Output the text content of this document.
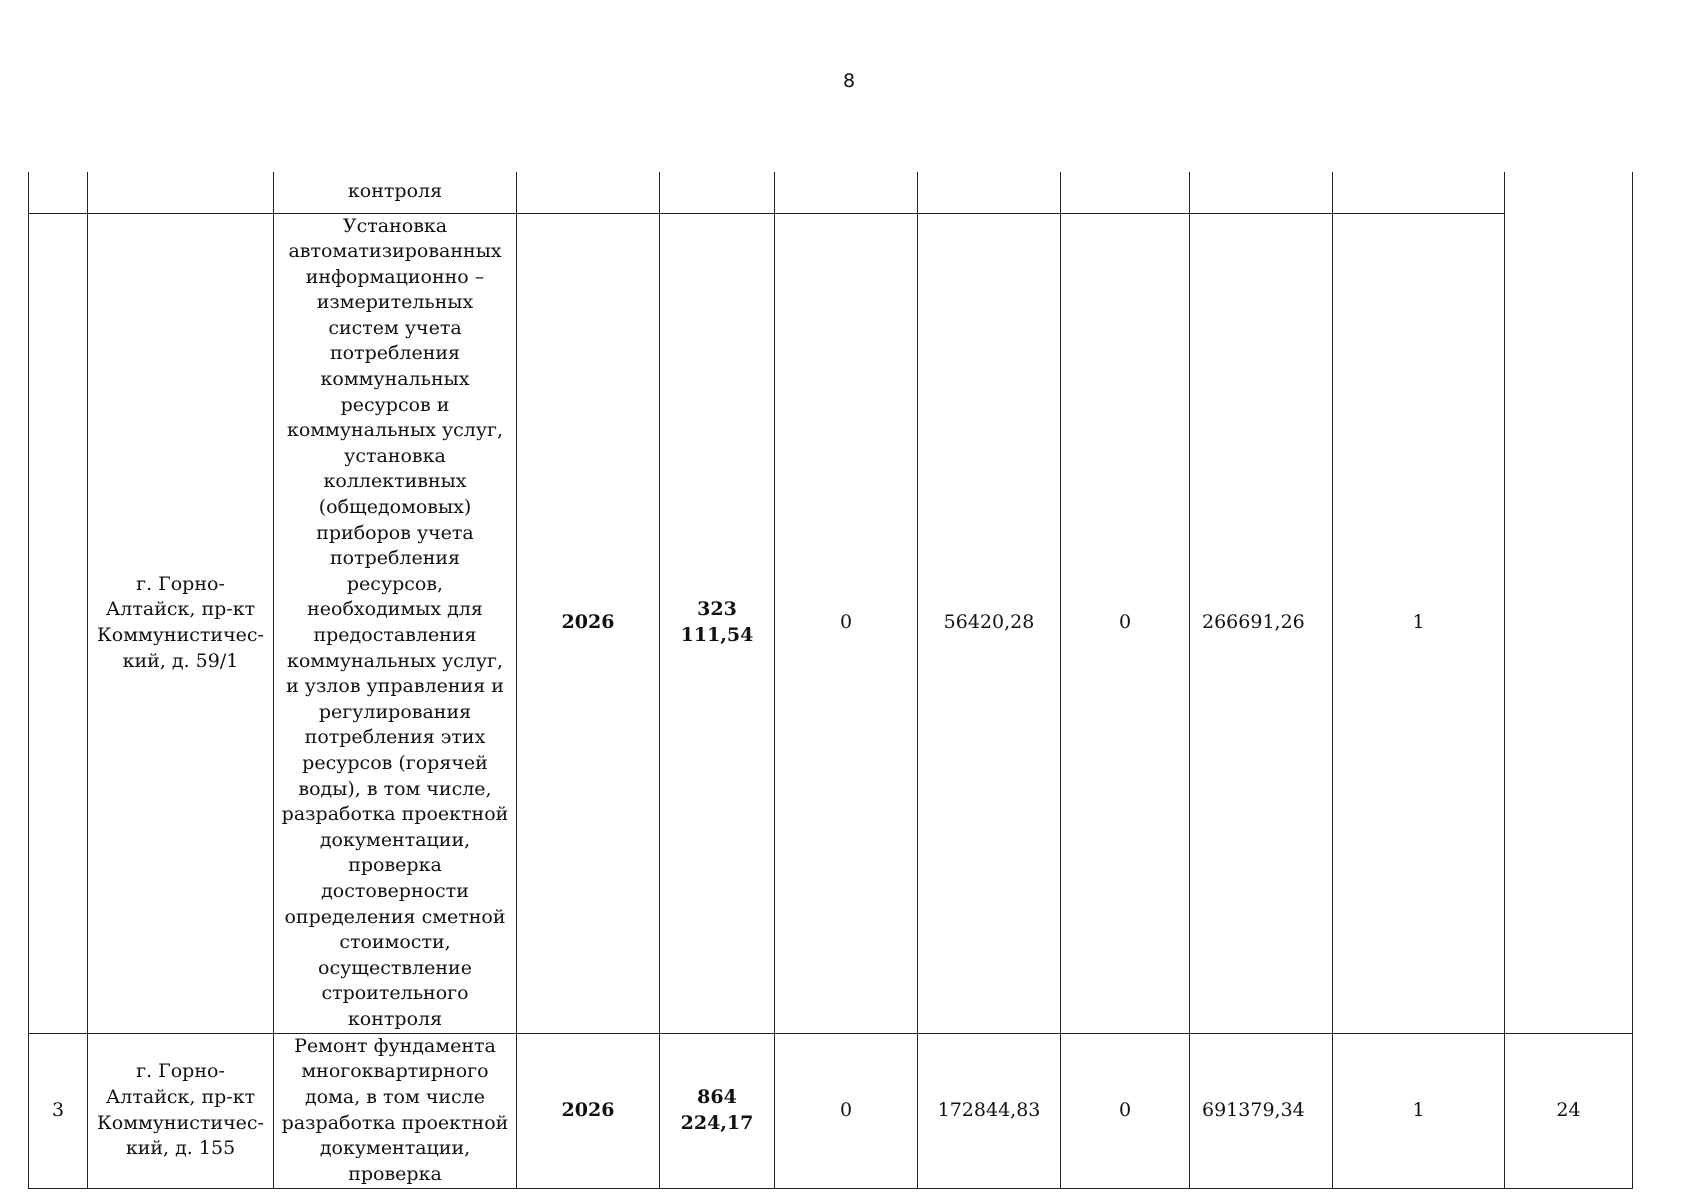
8
		контроля								
	г. Горно-Алтайск, пр-кт Коммунистичес-кий, д. 59/1	Установка автоматизированных информационно – измерительных систем учета потребления коммунальных ресурсов и коммунальных услуг, установка коллективных (общедомовых) приборов учета потребления ресурсов, необходимых для предоставления коммунальных услуг, и узлов управления и регулирования потребления этих ресурсов (горячей воды), в том числе, разработка проектной документации, проверка достоверности определения сметной стоимости, осуществление строительного контроля	2026	323 111,54	0	56420,28	0	266691,26	1	
3	г. Горно-Алтайск, пр-кт Коммунистичес-кий, д. 155	Ремонт фундамента многоквартирного дома, в том числе разработка проектной документации, проверка	2026	864 224,17	0	172844,83	0	691379,34	1	24
